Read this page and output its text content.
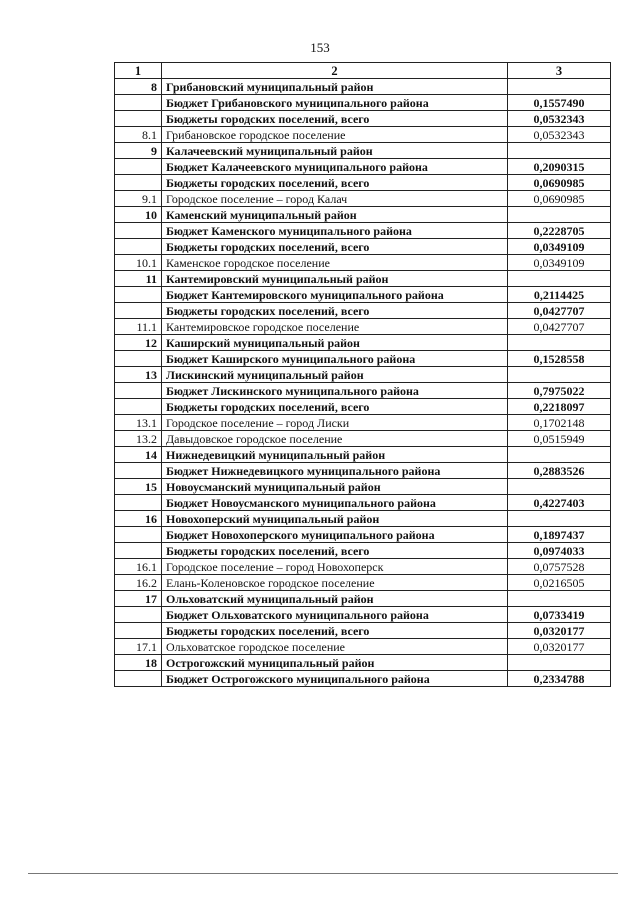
153
1	2	3
8	Грибановский муниципальный район	
	Бюджет Грибановского муниципального района	0,1557490
	Бюджеты городских поселений, всего	0,0532343
8.1	Грибановское городское поселение	0,0532343
9	Калачеевский муниципальный район	
	Бюджет Калачеевского муниципального района	0,2090315
	Бюджеты городских поселений, всего	0,0690985
9.1	Городское поселение – город Калач	0,0690985
10	Каменский муниципальный район	
	Бюджет Каменского муниципального района	0,2228705
	Бюджеты городских поселений, всего	0,0349109
10.1	Каменское городское поселение	0,0349109
11	Кантемировский муниципальный район	
	Бюджет Кантемировского муниципального района	0,2114425
	Бюджеты городских поселений, всего	0,0427707
11.1	Кантемировское городское поселение	0,0427707
12	Каширский муниципальный район	
	Бюджет Каширского муниципального района	0,1528558
13	Лискинский муниципальный район	
	Бюджет Лискинского муниципального района	0,7975022
	Бюджеты городских поселений, всего	0,2218097
13.1	Городское поселение – город Лиски	0,1702148
13.2	Давыдовское городское поселение	0,0515949
14	Нижнедевицкий муниципальный район	
	Бюджет Нижнедевицкого муниципального района	0,2883526
15	Новоусманский муниципальный район	
	Бюджет Новоусманского муниципального района	0,4227403
16	Новохоперский муниципальный район	
	Бюджет Новохоперского муниципального района	0,1897437
	Бюджеты городских поселений, всего	0,0974033
16.1	Городское поселение – город Новохоперск	0,0757528
16.2	Елань-Коленовское городское поселение	0,0216505
17	Ольховатский муниципальный район	
	Бюджет Ольховатского муниципального района	0,0733419
	Бюджеты городских поселений, всего	0,0320177
17.1	Ольховатское городское поселение	0,0320177
18	Острогожский муниципальный район	
	Бюджет Острогожского муниципального района	0,2334788
